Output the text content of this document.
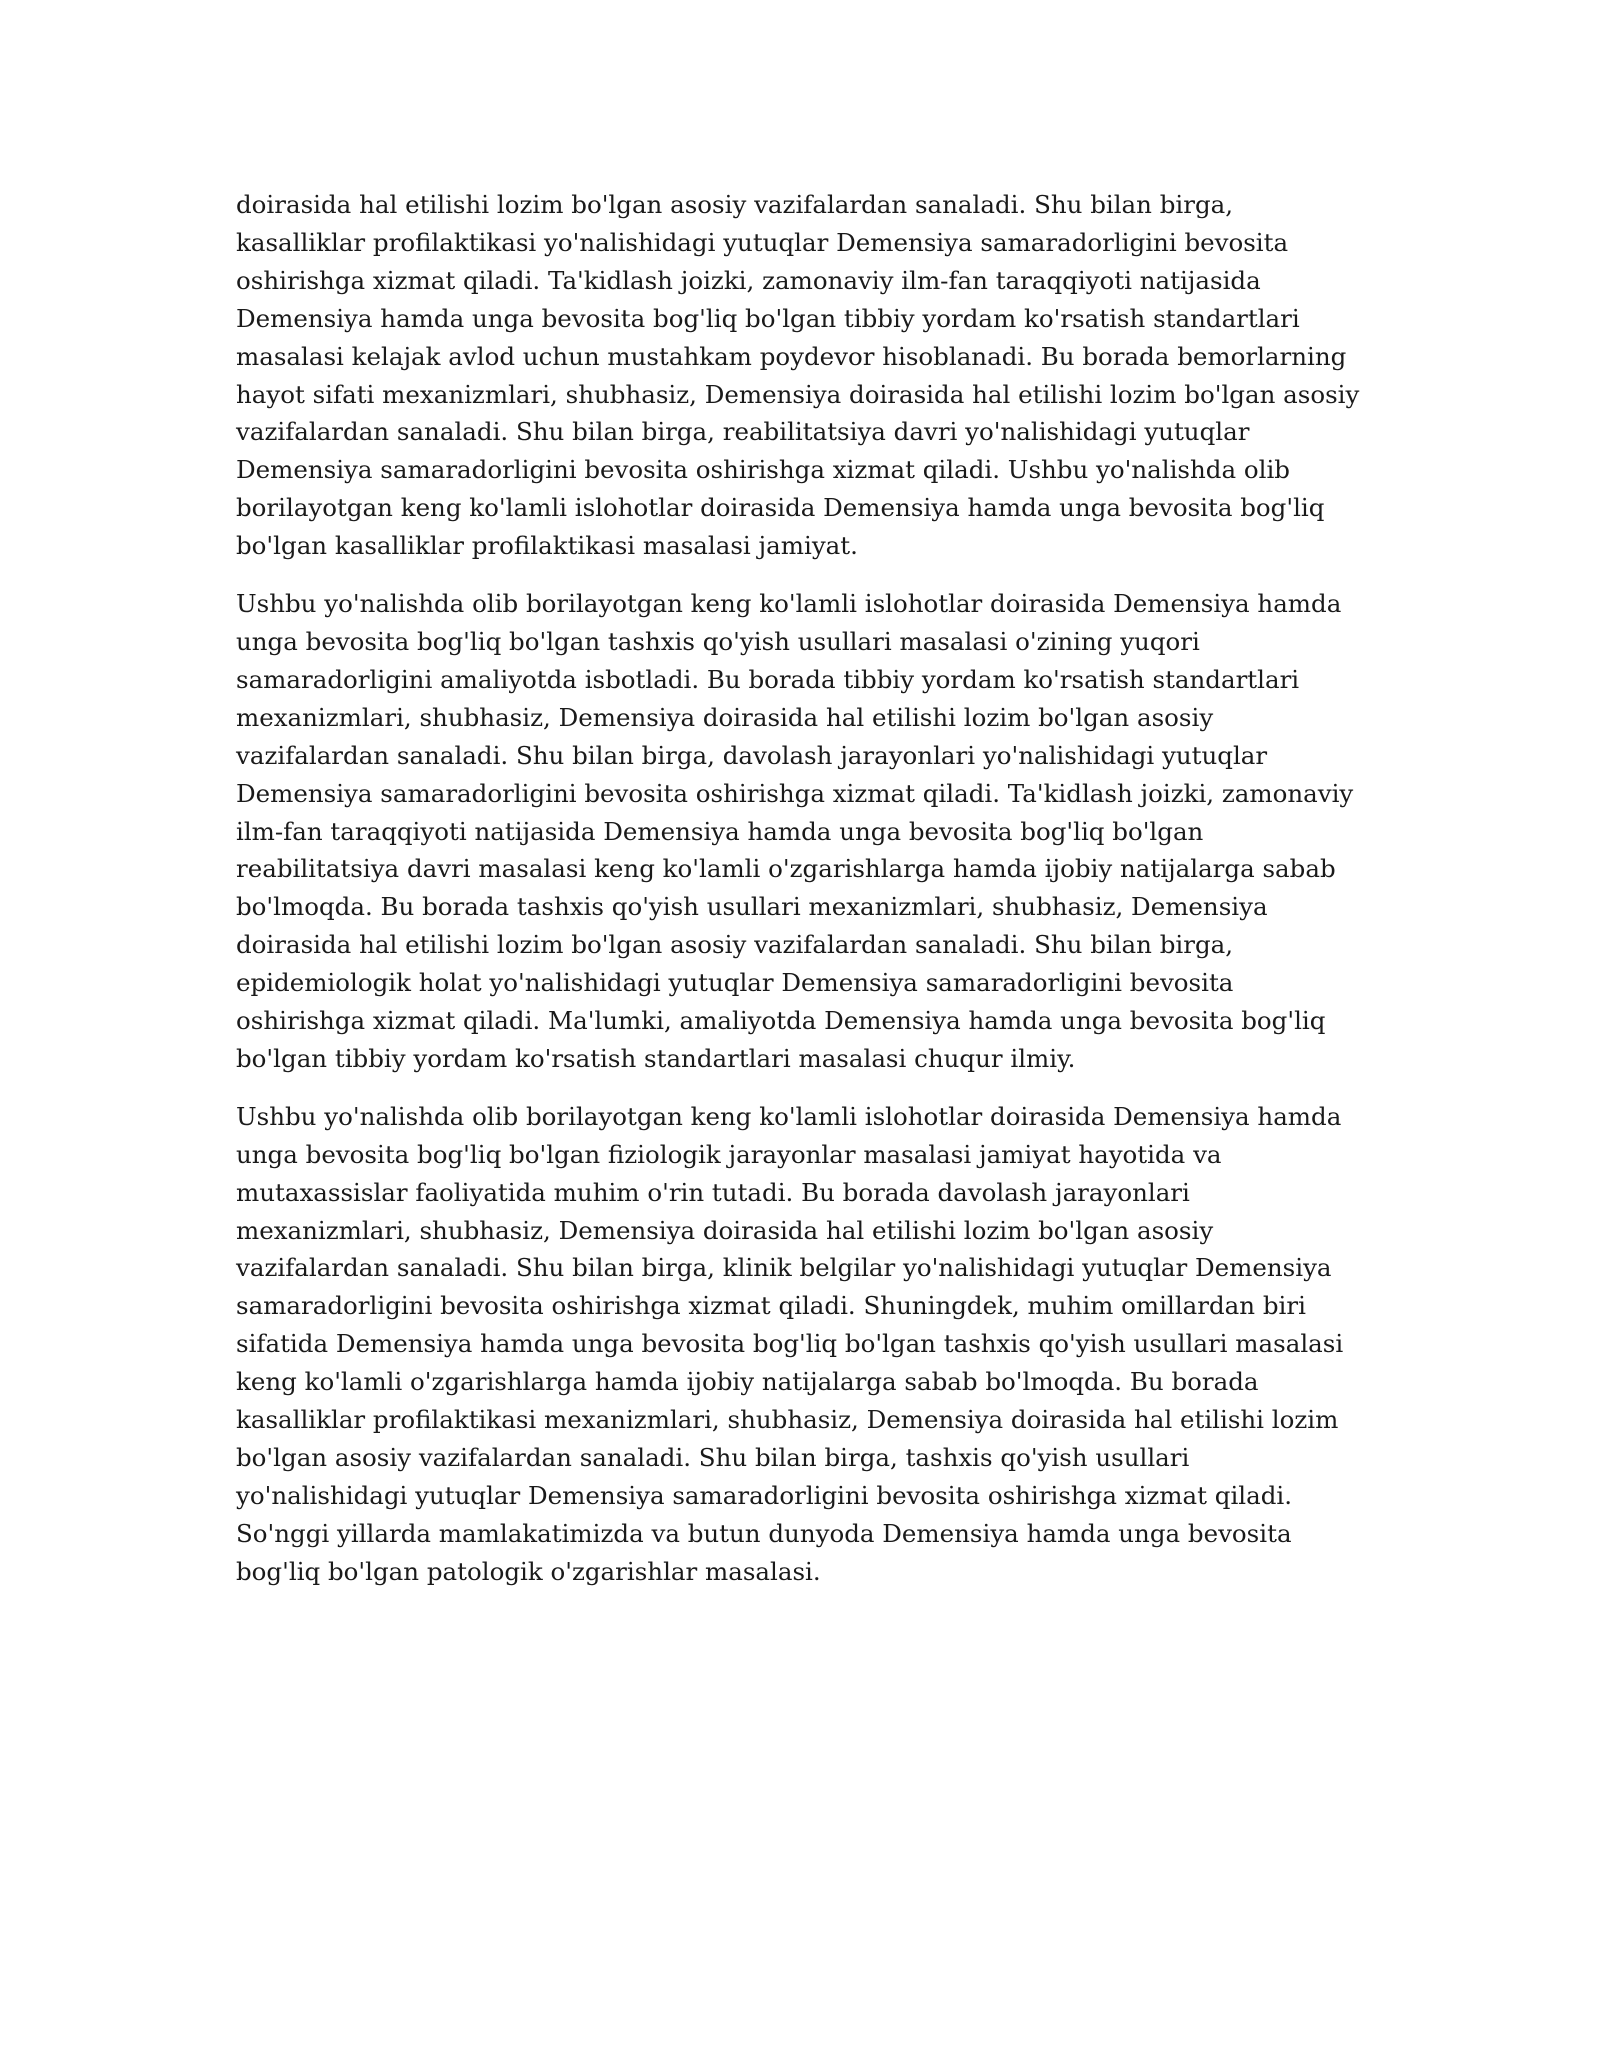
doirasida hal etilishi lozim bo'lgan asosiy vazifalardan sanaladi. Shu bilan birga, kasalliklar profilaktikasi yo'nalishidagi yutuqlar Demensiya samaradorligini bevosita oshirishga xizmat qiladi. Ta'kidlash joizki, zamonaviy ilm-fan taraqqiyoti natijasida Demensiya hamda unga bevosita bog'liq bo'lgan tibbiy yordam ko'rsatish standartlari masalasi kelajak avlod uchun mustahkam poydevor hisoblanadi. Bu borada bemorlarning hayot sifati mexanizmlari, shubhasiz, Demensiya doirasida hal etilishi lozim bo'lgan asosiy vazifalardan sanaladi. Shu bilan birga, reabilitatsiya davri yo'nalishidagi yutuqlar Demensiya samaradorligini bevosita oshirishga xizmat qiladi. Ushbu yo'nalishda olib borilayotgan keng ko'lamli islohotlar doirasida Demensiya hamda unga bevosita bog'liq bo'lgan kasalliklar profilaktikasi masalasi jamiyat.

Ushbu yo'nalishda olib borilayotgan keng ko'lamli islohotlar doirasida Demensiya hamda unga bevosita bog'liq bo'lgan tashxis qo'yish usullari masalasi o'zining yuqori samaradorligini amaliyotda isbotladi. Bu borada tibbiy yordam ko'rsatish standartlari mexanizmlari, shubhasiz, Demensiya doirasida hal etilishi lozim bo'lgan asosiy vazifalardan sanaladi. Shu bilan birga, davolash jarayonlari yo'nalishidagi yutuqlar Demensiya samaradorligini bevosita oshirishga xizmat qiladi. Ta'kidlash joizki, zamonaviy ilm-fan taraqqiyoti natijasida Demensiya hamda unga bevosita bog'liq bo'lgan reabilitatsiya davri masalasi keng ko'lamli o'zgarishlarga hamda ijobiy natijalarga sabab bo'lmoqda. Bu borada tashxis qo'yish usullari mexanizmlari, shubhasiz, Demensiya doirasida hal etilishi lozim bo'lgan asosiy vazifalardan sanaladi. Shu bilan birga, epidemiologik holat yo'nalishidagi yutuqlar Demensiya samaradorligini bevosita oshirishga xizmat qiladi. Ma'lumki, amaliyotda Demensiya hamda unga bevosita bog'liq bo'lgan tibbiy yordam ko'rsatish standartlari masalasi chuqur ilmiy.

Ushbu yo'nalishda olib borilayotgan keng ko'lamli islohotlar doirasida Demensiya hamda unga bevosita bog'liq bo'lgan fiziologik jarayonlar masalasi jamiyat hayotida va mutaxassislar faoliyatida muhim o'rin tutadi. Bu borada davolash jarayonlari mexanizmlari, shubhasiz, Demensiya doirasida hal etilishi lozim bo'lgan asosiy vazifalardan sanaladi. Shu bilan birga, klinik belgilar yo'nalishidagi yutuqlar Demensiya samaradorligini bevosita oshirishga xizmat qiladi. Shuningdek, muhim omillardan biri sifatida Demensiya hamda unga bevosita bog'liq bo'lgan tashxis qo'yish usullari masalasi keng ko'lamli o'zgarishlarga hamda ijobiy natijalarga sabab bo'lmoqda. Bu borada kasalliklar profilaktikasi mexanizmlari, shubhasiz, Demensiya doirasida hal etilishi lozim bo'lgan asosiy vazifalardan sanaladi. Shu bilan birga, tashxis qo'yish usullari yo'nalishidagi yutuqlar Demensiya samaradorligini bevosita oshirishga xizmat qiladi. So'nggi yillarda mamlakatimizda va butun dunyoda Demensiya hamda unga bevosita bog'liq bo'lgan patologik o'zgarishlar masalasi.
